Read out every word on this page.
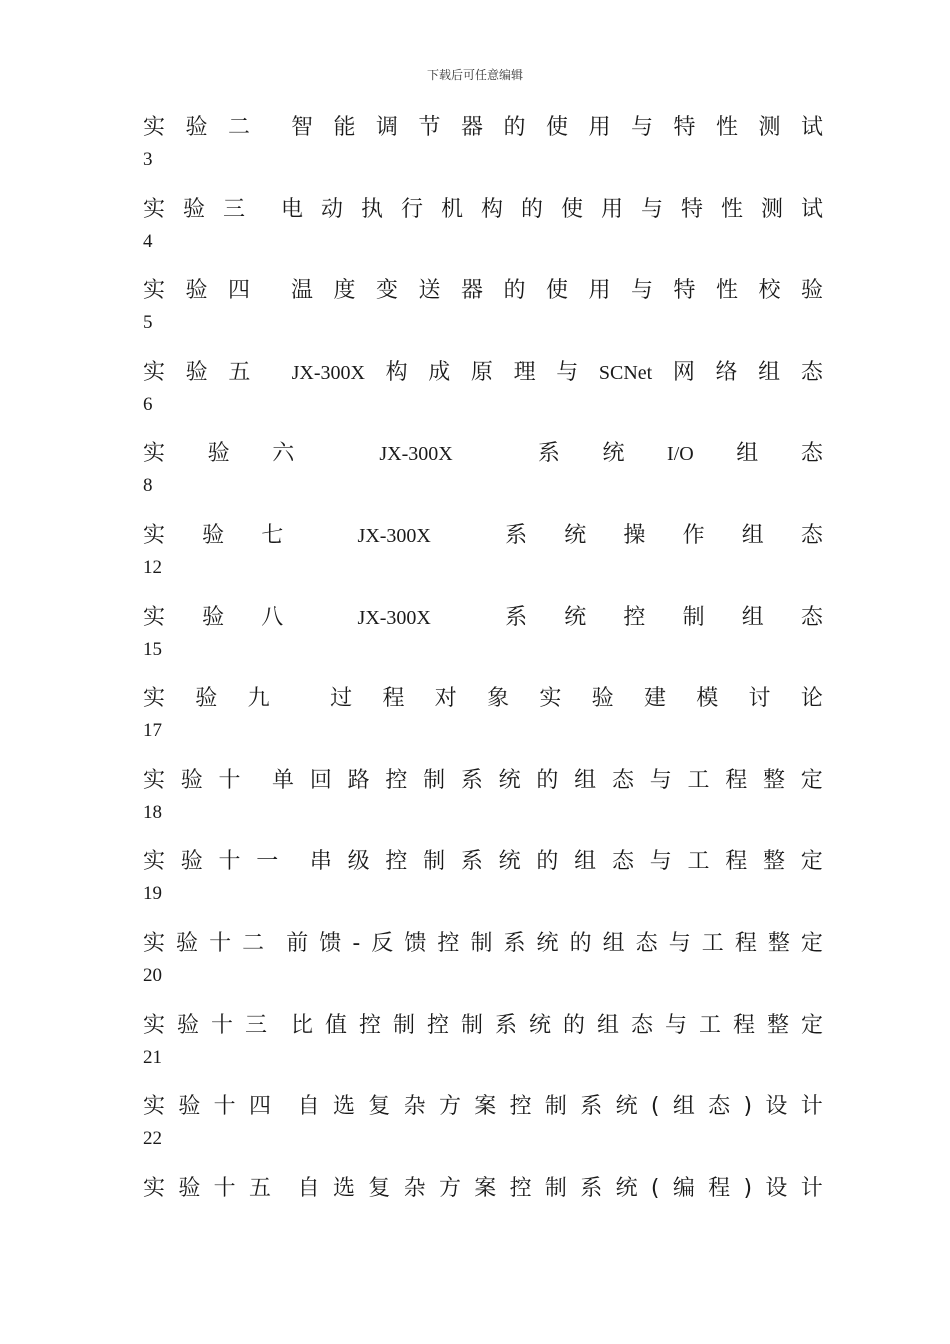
下载后可任意编辑
实 验 二 智 能 调 节 器 的 使 用 与 特 性 测 试
3
实 验 三 电 动 执 行 机 构 的 使 用 与 特 性 测 试
4
实 验 四 温 度 变 送 器 的 使 用 与 特 性 校 验
5
实 验 五 JX-300X 构 成 原 理 与 SCNet 网 络 组 态
6
实 验 六	JX-300X	系 统 I/O 组 态
8
实 验 七	JX-300X	系 统 操 作 组 态
12
实 验 八	JX-300X	系 统 控 制 组 态
15
实 验 九	过 程 对 象 实 验 建 模 讨 论
17
实 验 十 单 回 路 控 制 系 统 的 组 态 与 工 程 整 定
18
实 验 十 一 串 级 控 制 系 统 的 组 态 与 工 程 整 定
19
实 验 十 二 前 馈 - 反 馈 控 制 系 统 的 组 态 与 工 程 整 定
20
实 验 十 三 比 值 控 制 控 制 系 统 的 组 态 与 工 程 整 定
21
实 验 十 四 自 选 复 杂 方 案 控 制 系 统 ( 组 态 ) 设 计
22
实 验 十 五 自 选 复 杂 方 案 控 制 系 统 ( 编 程 ) 设 计
